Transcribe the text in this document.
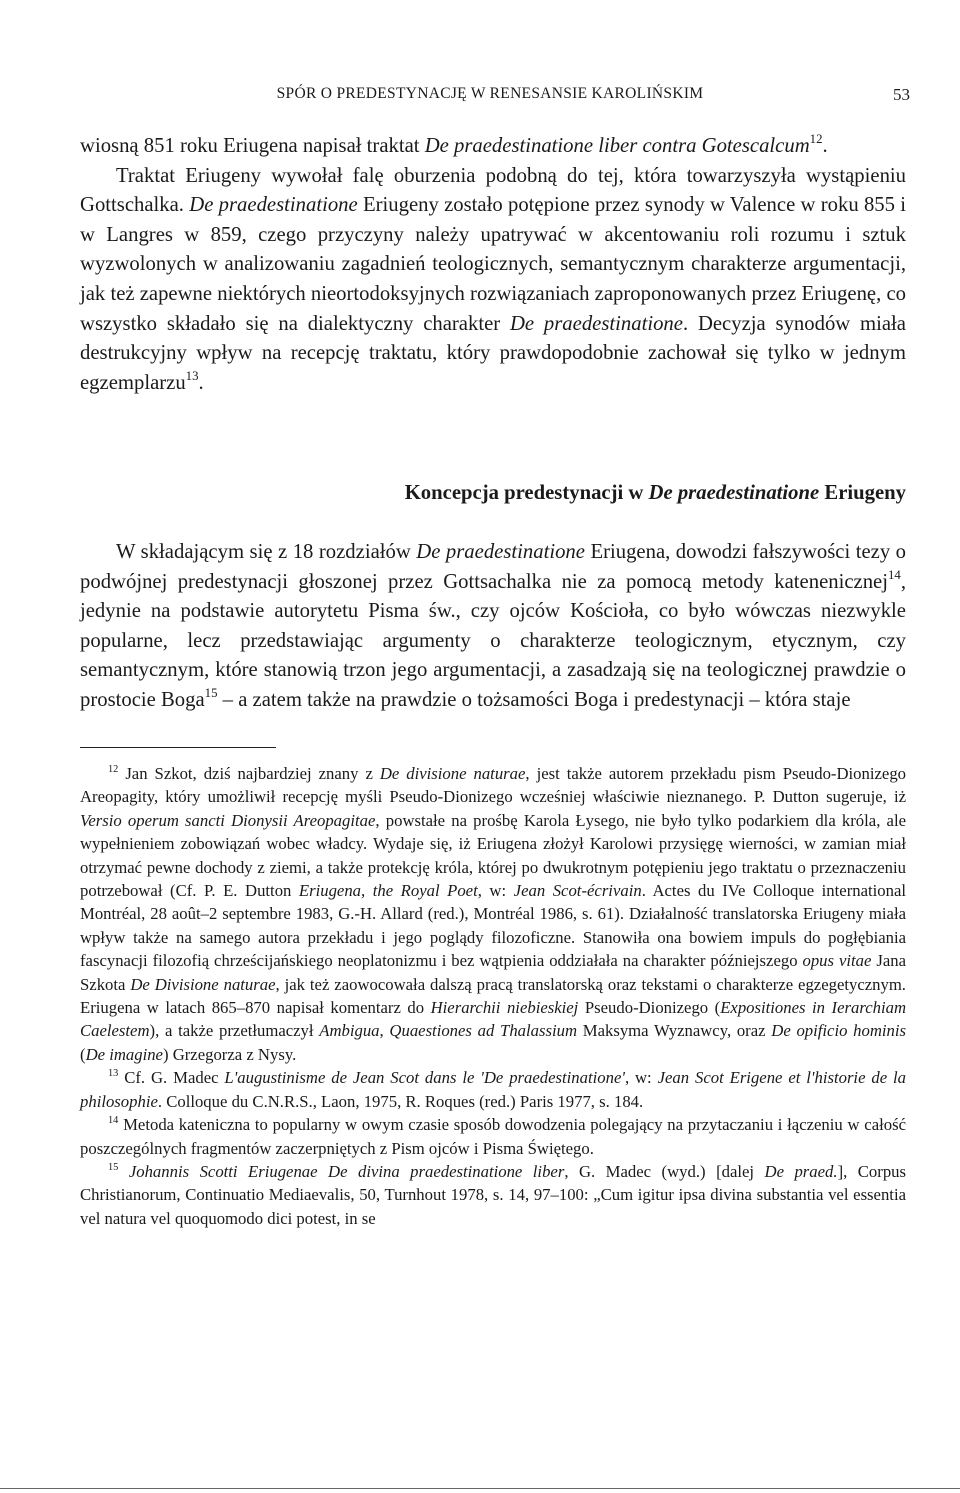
SPÓR O PREDESTYNACJĘ W RENESANSIE KAROLIŃSKIM	53

wiosną 851 roku Eriugena napisał traktat De praedestinatione liber contra Gotescalcum$^{12}$.

Traktat Eriugeny wywołał falę oburzenia podobną do tej, która towarzyszyła wystąpieniu Gottschalka. De praedestinatione Eriugeny zostało potępione przez synody w Valence w roku 855 i w Langres w 859, czego przyczyny należy upatrywać w akcentowaniu roli rozumu i sztuk wyzwolonych w analizowaniu zagadnień teologicznych, semantycznym charakterze argumentacji, jak też zapewne niektórych nieortodoksyjnych rozwiązaniach zaproponowanych przez Eriugenę, co wszystko składało się na dialektyczny charakter De praedestinatione. Decyzja synodów miała destrukcyjny wpływ na recepcję traktatu, który prawdopodobnie zachował się tylko w jednym egzemplarzu$^{13}$.

Koncepcja predestynacji w De praedestinatione Eriugeny

W składającym się z 18 rozdziałów De praedestinatione Eriugena, dowodzi fałszywości tezy o podwójnej predestynacji głoszonej przez Gottsachalka nie za pomocą metody katenenicznej$^{14}$, jedynie na podstawie autorytetu Pisma św., czy ojców Kościoła, co było wówczas niezwykle popularne, lecz przedstawiając argumenty o charakterze teologicznym, etycznym, czy semantycznym, które stanowią trzon jego argumentacji, a zasadzają się na teologicznej prawdzie o prostocie Boga$^{15}$ – a zatem także na prawdzie o tożsamości Boga i predestynacji – która staje

$^{12}$ Jan Szkot, dziś najbardziej znany z De divisione naturae, jest także autorem przekładu pism Pseudo-Dionizego Areopagity, który umożliwił recepcję myśli Pseudo-Dionizego wcześniej właściwie nieznanego. P. Dutton sugeruje, iż Versio operum sancti Dionysii Areopagitae, powstałe na prośbę Karola Łysego, nie było tylko podarkiem dla króla, ale wypełnieniem zobowiązań wobec władcy. Wydaje się, iż Eriugena złożył Karolowi przysięgę wierności, w zamian miał otrzymać pewne dochody z ziemi, a także protekcję króla, której po dwukrotnym potępieniu jego traktatu o przeznaczeniu potrzebował (Cf. P. E. Dutton Eriugena, the Royal Poet, w: Jean Scot-écrivain. Actes du IVe Colloque international Montréal, 28 août–2 septembre 1983, G.-H. Allard (red.), Montréal 1986, s. 61). Działalność translatorska Eriugeny miała wpływ także na samego autora przekładu i jego poglądy filozoficzne. Stanowiła ona bowiem impuls do pogłębiania fascynacji filozofią chrześcijańskiego neoplatonizmu i bez wątpienia oddziałała na charakter późniejszego opus vitae Jana Szkota De Divisione naturae, jak też zaowocowała dalszą pracą translatorską oraz tekstami o charakterze egzegetycznym. Eriugena w latach 865–870 napisał komentarz do Hierarchii niebieskiej Pseudo-Dionizego (Expositiones in Ierarchiam Caelestem), a także przetłumaczył Ambigua, Quaestiones ad Thalassium Maksyma Wyznawcy, oraz De opificio hominis (De imagine) Grzegorza z Nysy.

$^{13}$ Cf. G. Madec L'augustinisme de Jean Scot dans le 'De praedestinatione', w: Jean Scot Erigene et l'historie de la philosophie. Colloque du C.N.R.S., Laon, 1975, R. Roques (red.) Paris 1977, s. 184.

$^{14}$ Metoda kateniczna to popularny w owym czasie sposób dowodzenia polegający na przytaczaniu i łączeniu w całość poszczególnych fragmentów zaczerpniętych z Pism ojców i Pisma Świętego.

$^{15}$ Johannis Scotti Eriugenae De divina praedestinatione liber, G. Madec (wyd.) [dalej De praed.], Corpus Christianorum, Continuatio Mediaevalis, 50, Turnhout 1978, s. 14, 97–100: „Cum igitur ipsa divina substantia vel essentia vel natura vel quoquomodo dici potest, in se
